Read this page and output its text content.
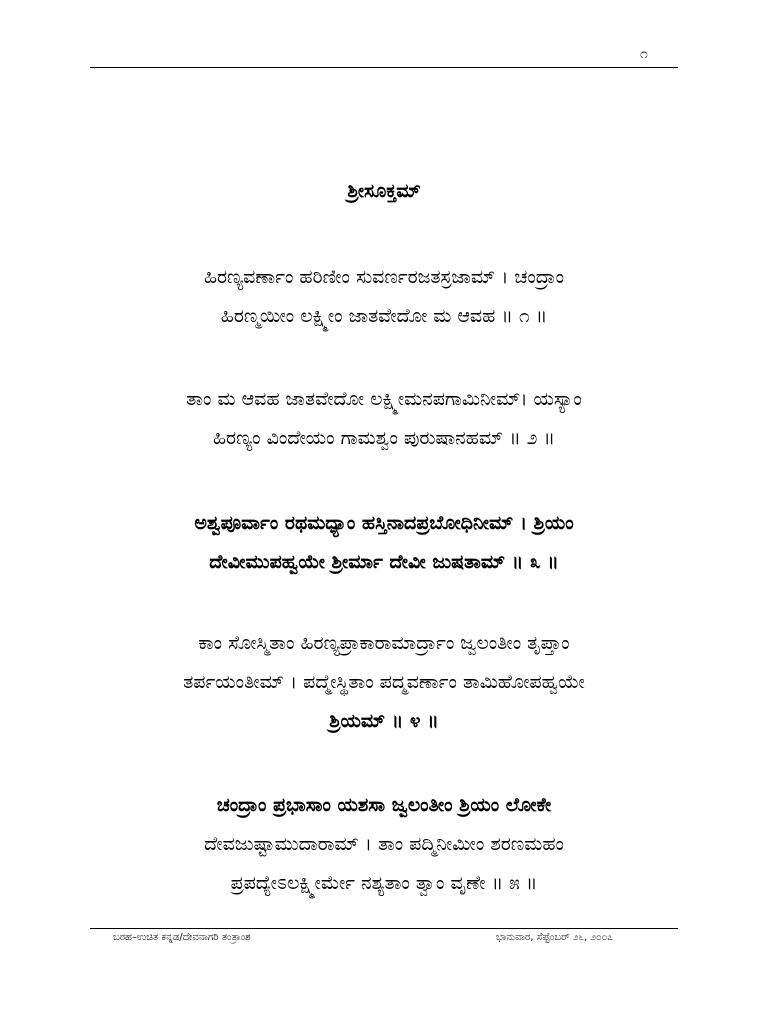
೧
ಶ್ರೀಸೂಕ್ತಮ್
ಹಿರಣ್ಯವರ್ಣಾಂ ಹರಿಣೀಂ ಸುವರ್ಣರಜತಸ್ರಜಾಮ್ । ಚಂದ್ರಾಂ
ಹಿರಣ್ಮಯೀಂ ಲಕ್ಷ್ಮೀಂ ಜಾತವೇದೋ ಮ ಆವಹ ॥ ೧ ॥
ತಾಂ ಮ ಆವಹ ಜಾತವೇದೋ ಲಕ್ಷ್ಮೀಮನಪಗಾಮಿನೀಮ್। ಯಸ್ಯಾಂ
ಹಿರಣ್ಯಂ ವಿಂದೇಯಂ ಗಾಮಶ್ವಂ ಪುರುಷಾನಹಮ್ ॥ ೨ ॥
ಅಶ್ವಪೂರ್ವಾಂ ರಥಮಧ್ಯಾಂ ಹಸ್ತಿನಾದಪ್ರಬೋಧಿನೀಮ್ । ಶ್ರಿಯಂ
ದೇವೀಮುಪಹ್ವಯೇ ಶ್ರೀರ್ಮಾ ದೇವೀ ಜುಷತಾಮ್ ॥ ೩ ॥
ಕಾಂ ಸೋಸ್ಮಿತಾಂ ಹಿರಣ್ಯಪ್ರಾಕಾರಾಮಾರ್ದ್ರಾಂ ಜ್ವಲಂತೀಂ ತೃಪ್ತಾಂ
ತರ್ಪಯಂತೀಮ್ । ಪದ್ಮೇಸ್ಥಿತಾಂ ಪದ್ಮವರ್ಣಾಂ ತಾಮಿಹೋಪಹ್ವಯೇ
ಶ್ರಿಯಮ್ ॥ ೪ ॥
ಚಂದ್ರಾಂ ಪ್ರಭಾಸಾಂ ಯಶಸಾ ಜ್ವಲಂತೀಂ ಶ್ರಿಯಂ ಲೋಕೇ
ದೇವಜುಷ್ಟಾಮುದಾರಾಮ್ । ತಾಂ ಪದ್ಮಿನೀಮೀಂ ಶರಣಮಹಂ
ಪ್ರಪದ್ಯೇಽಲಕ್ಷ್ಮೀರ್ಮೇ ನಶ್ಯತಾಂ ತ್ವಾಂ ವೃಣೇ ॥ ೫ ॥
ಬರಹ–ಉಚಿತ ಕನ್ನಡ/ದೇವನಾಗರಿ ತಂತ್ರಾಂಶ	ಭಾನುವಾರ, ಸೆಪ್ಟೆಂಬರ್ ೨೬, ೨೦೦೭
